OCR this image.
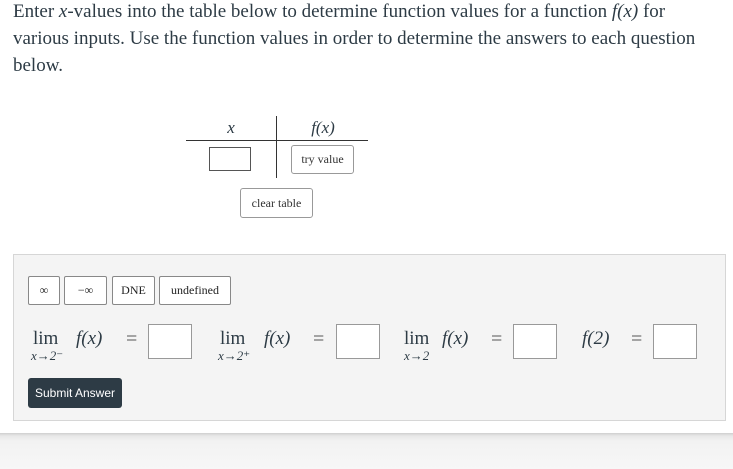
Enter x-values into the table below to determine function values for a function f(x) for various inputs. Use the function values in order to determine the answers to each question below.
x	f(x)
try value
clear table
∞	−∞	DNE	undefined
lim
x→2⁻
f(x) =	lim
x→2⁺
f(x) =	lim
x→2
f(x) =	f(2) =
Submit Answer
